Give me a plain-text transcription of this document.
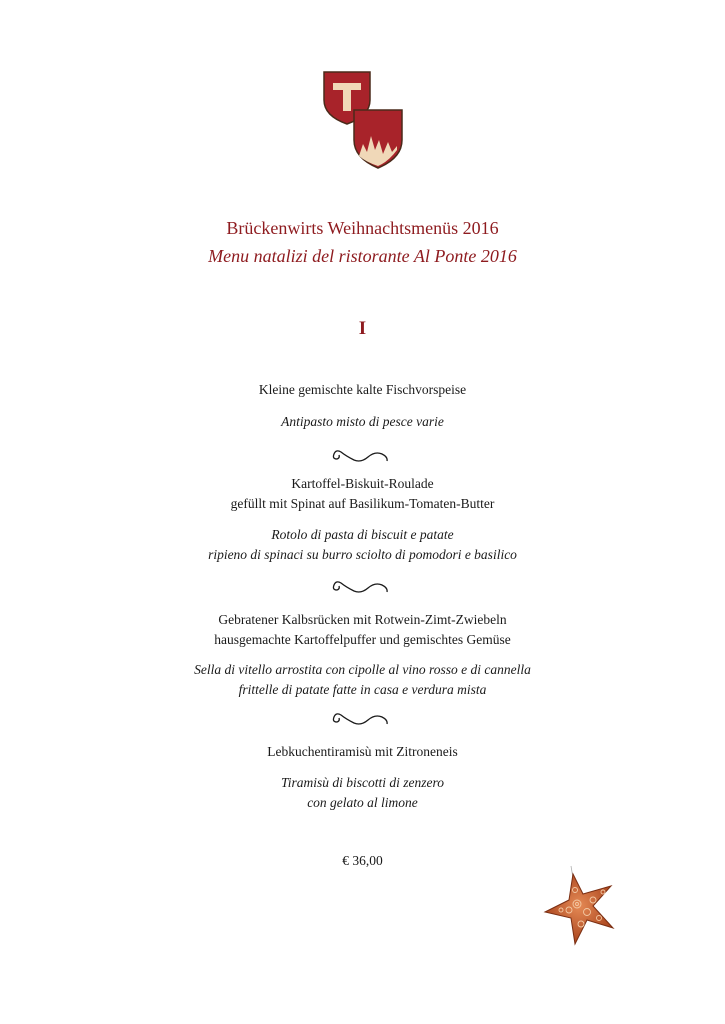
Brückenwirts Weihnachtsmenüs 2016
Menu natalizi del ristorante Al Ponte 2016
I
Kleine gemischte kalte Fischvorspeise
Antipasto misto di pesce varie
Kartoffel-Biskuit-Roulade
gefüllt mit Spinat auf Basilikum-Tomaten-Butter
Rotolo di pasta di biscuit e patate
ripieno di spinaci su burro sciolto di pomodori e basilico
Gebratener Kalbsrücken mit Rotwein-Zimt-Zwiebeln
hausgemachte Kartoffelpuffer und gemischtes Gemüse
Sella di vitello arrostita con cipolle al vino rosso e di cannella
frittelle di patate fatte in casa e verdura mista
Lebkuchentiramisù mit Zitroneneis
Tiramisù di biscotti di zenzero
con gelato al limone
€ 36,00
